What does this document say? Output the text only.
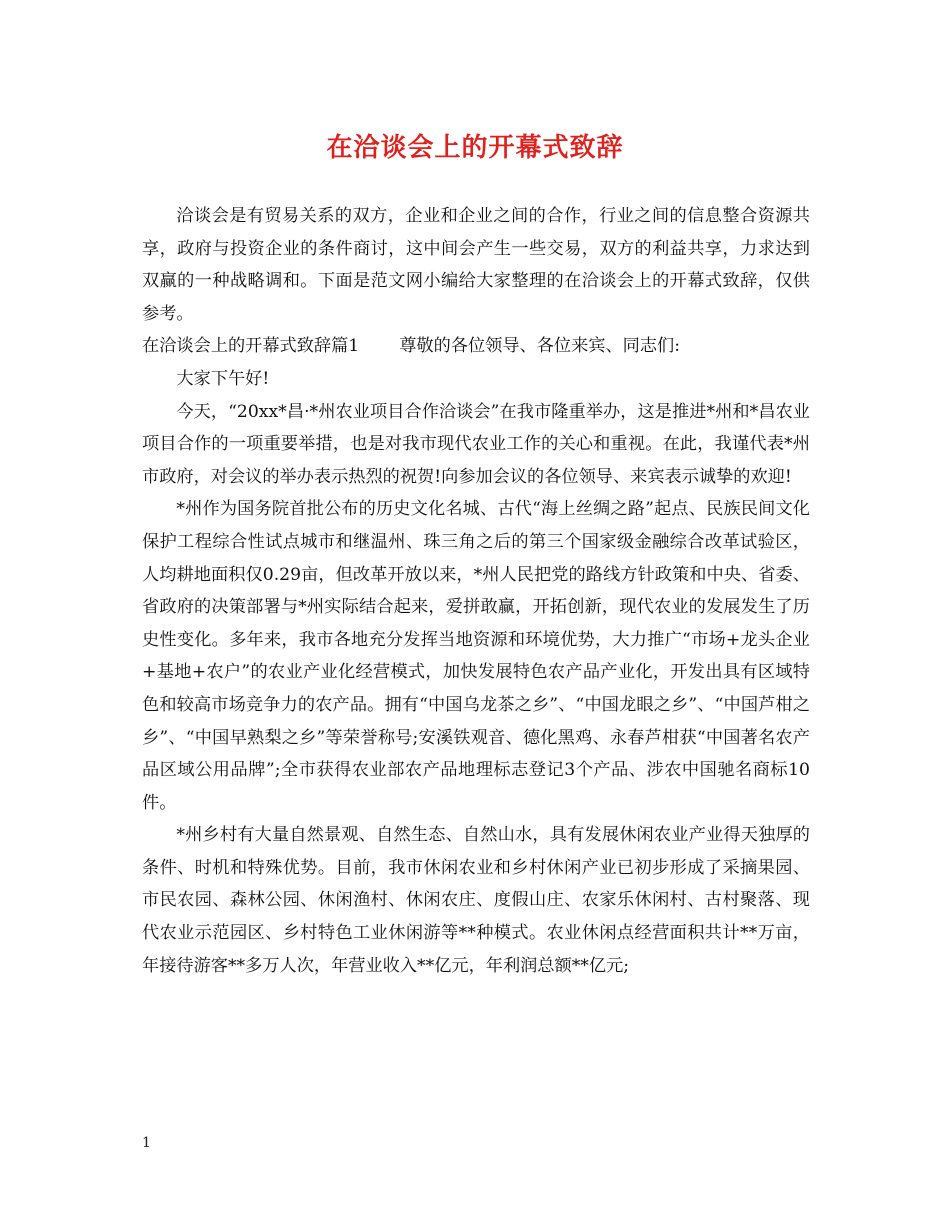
在洽谈会上的开幕式致辞

洽谈会是有贸易关系的双方，企业和企业之间的合作，行业之间的信息整合资源共享，政府与投资企业的条件商讨，这中间会产生一些交易，双方的利益共享，力求达到双赢的一种战略调和。下面是范文网小编给大家整理的在洽谈会上的开幕式致辞，仅供参考。

在洽谈会上的开幕式致辞篇1 尊敬的各位领导、各位来宾、同志们:

大家下午好!

今天，“20xx*昌·*州农业项目合作洽谈会”在我市隆重举办，这是推进*州和*昌农业项目合作的一项重要举措，也是对我市现代农业工作的关心和重视。在此，我谨代表*州市政府，对会议的举办表示热烈的祝贺!向参加会议的各位领导、来宾表示诚挚的欢迎!

*州作为国务院首批公布的历史文化名城、古代“海上丝绸之路”起点、民族民间文化保护工程综合性试点城市和继温州、珠三角之后的第三个国家级金融综合改革试验区，人均耕地面积仅0.29亩，但改革开放以来，*州人民把党的路线方针政策和中央、省委、省政府的决策部署与*州实际结合起来，爱拼敢赢，开拓创新，现代农业的发展发生了历史性变化。多年来，我市各地充分发挥当地资源和环境优势，大力推广“市场+龙头企业+基地+农户”的农业产业化经营模式，加快发展特色农产品产业化，开发出具有区域特色和较高市场竞争力的农产品。拥有“中国乌龙茶之乡”、“中国龙眼之乡”、“中国芦柑之乡”、“中国早熟梨之乡”等荣誉称号;安溪铁观音、德化黑鸡、永春芦柑获“中国著名农产品区域公用品牌”;全市获得农业部农产品地理标志登记3个产品、涉农中国驰名商标10件。

*州乡村有大量自然景观、自然生态、自然山水，具有发展休闲农业产业得天独厚的条件、时机和特殊优势。目前，我市休闲农业和乡村休闲产业已初步形成了采摘果园、市民农园、森林公园、休闲渔村、休闲农庄、度假山庄、农家乐休闲村、古村聚落、现代农业示范园区、乡村特色工业休闲游等**种模式。农业休闲点经营面积共计**万亩，年接待游客**多万人次，年营业收入**亿元，年利润总额**亿元;

1
